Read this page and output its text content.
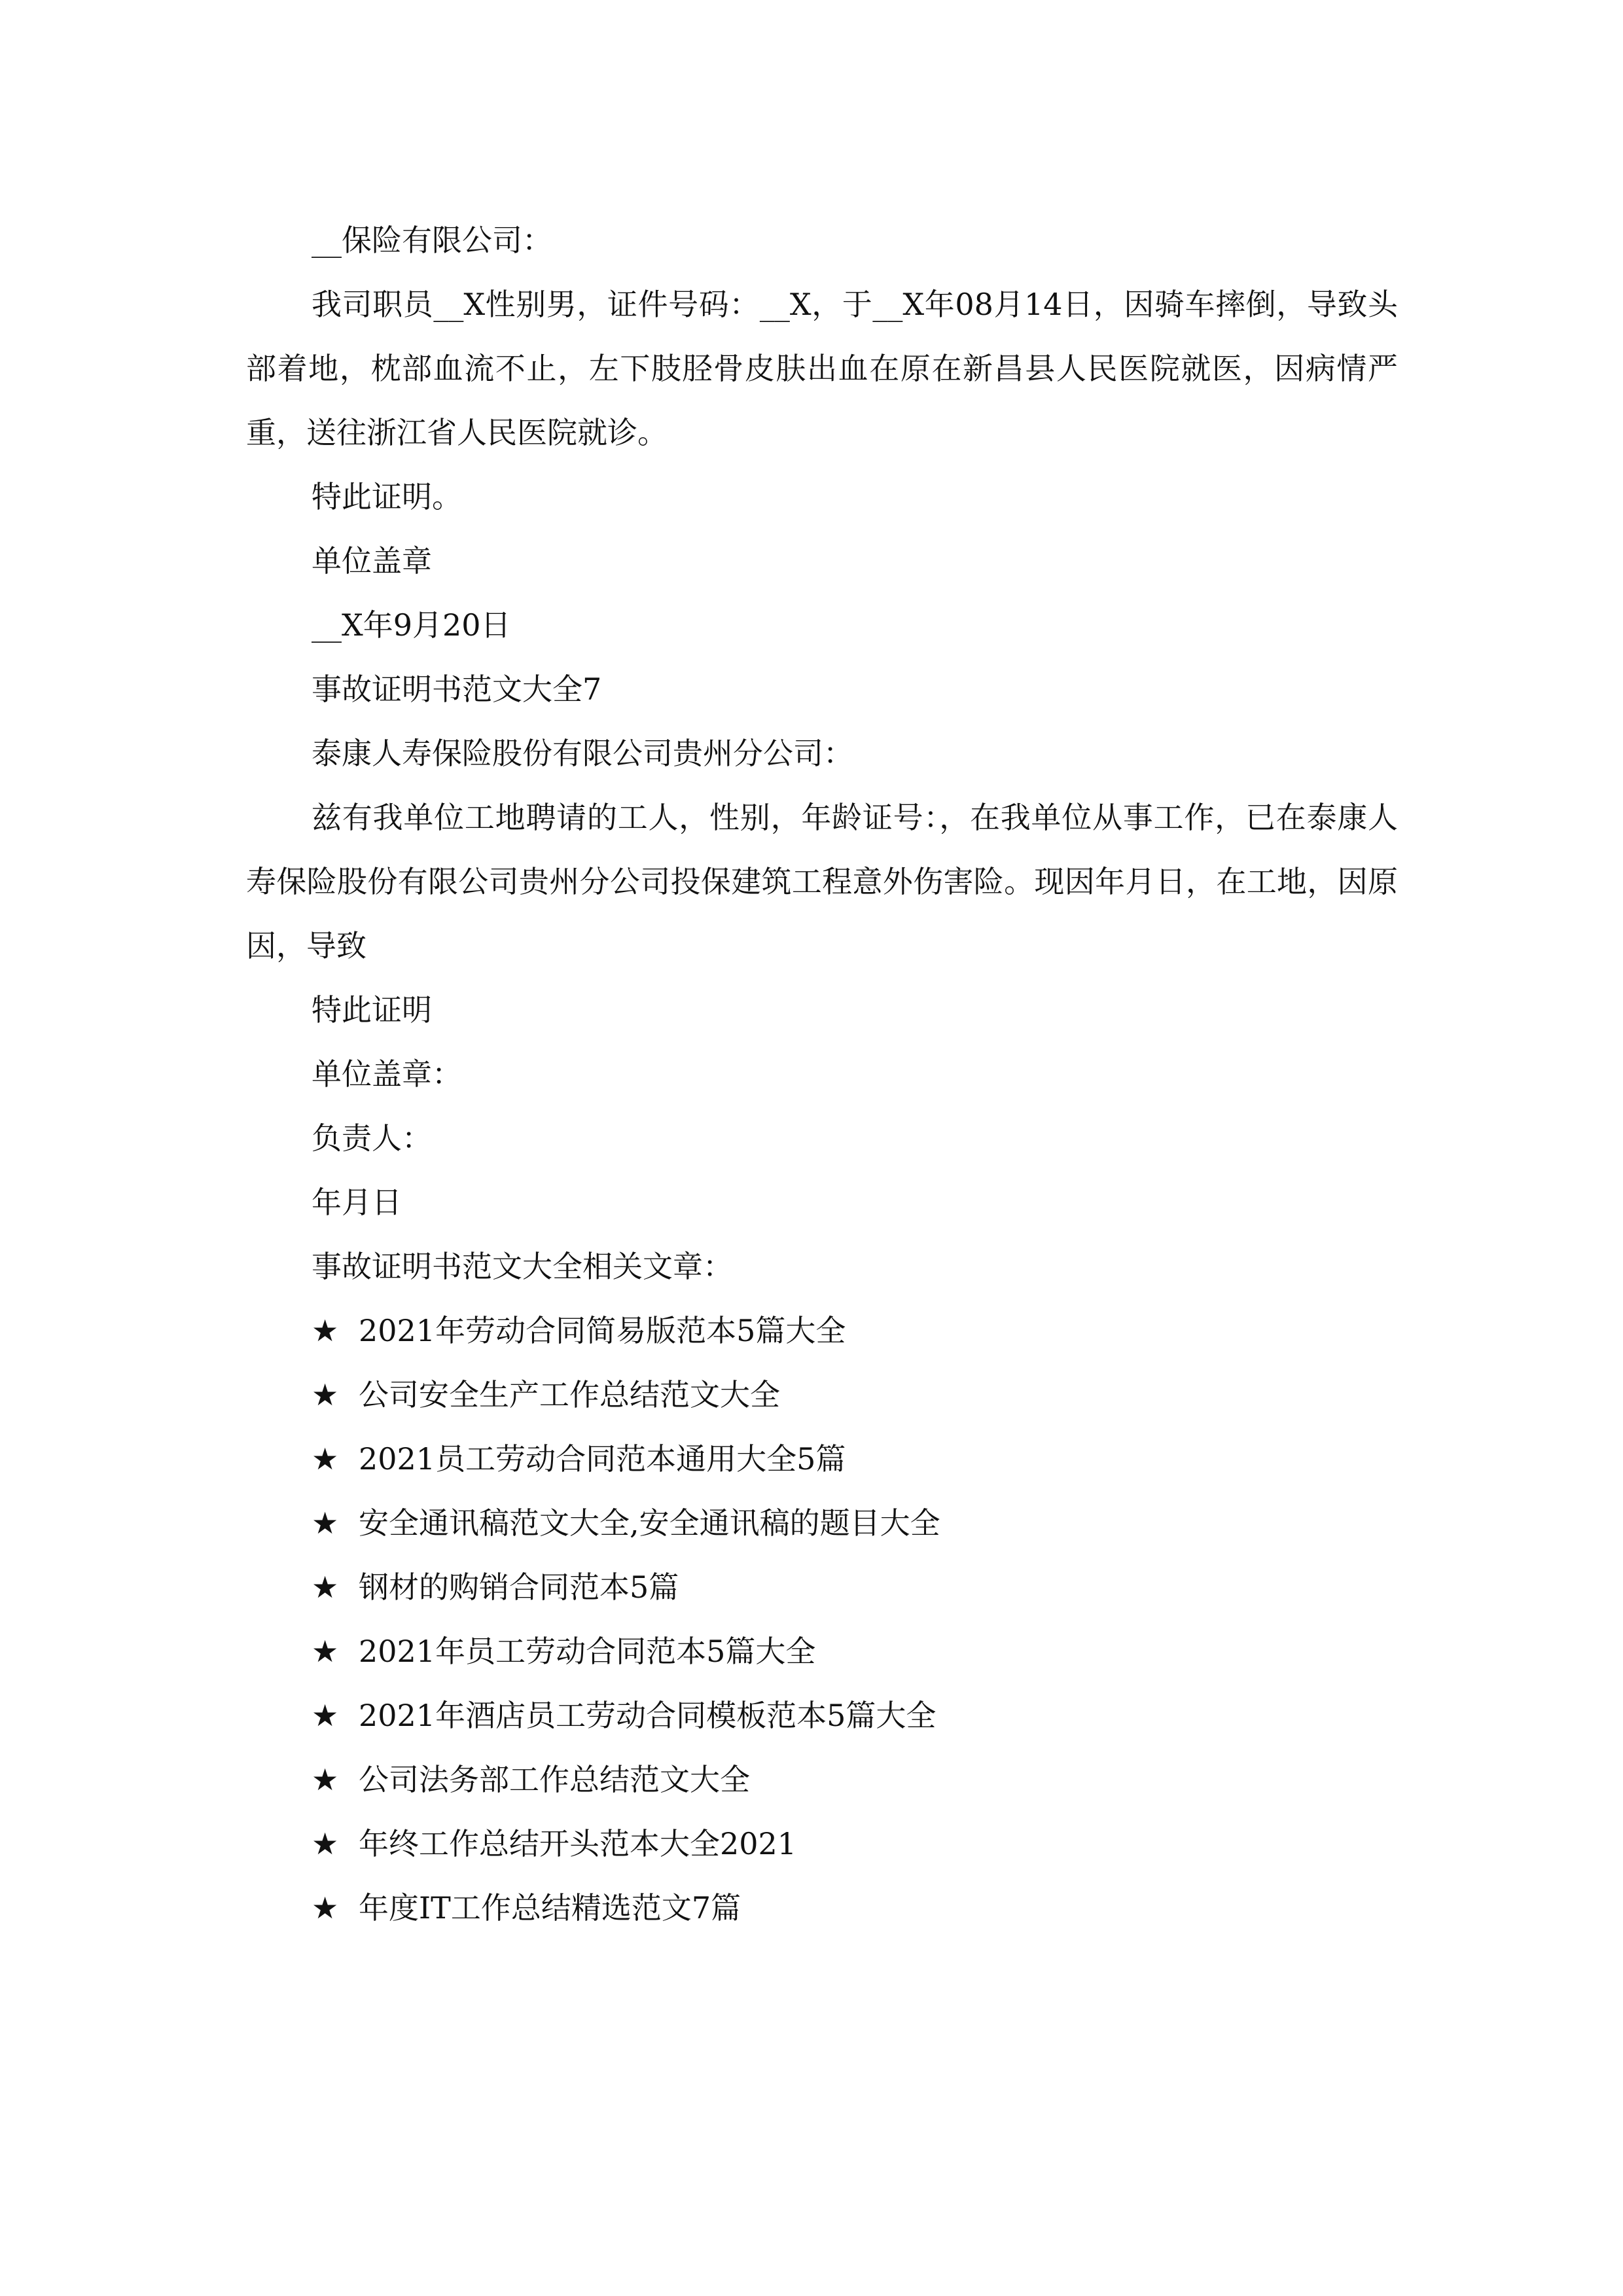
__保险有限公司：

我司职员__X性别男，证件号码：__X，于__X年08月14日，因骑车摔倒，导致头部着地，枕部血流不止，左下肢胫骨皮肤出血在原在新昌县人民医院就医，因病情严重，送往浙江省人民医院就诊。

特此证明。

单位盖章

__X年9月20日

事故证明书范文大全7

泰康人寿保险股份有限公司贵州分公司：

兹有我单位工地聘请的工人，性别，年龄证号：，在我单位从事工作，已在泰康人寿保险股份有限公司贵州分公司投保建筑工程意外伤害险。现因年月日，在工地，因原因，导致

特此证明

单位盖章：

负责人：

年月日

事故证明书范文大全相关文章：

★ 2021年劳动合同简易版范本5篇大全

★ 公司安全生产工作总结范文大全

★ 2021员工劳动合同范本通用大全5篇

★ 安全通讯稿范文大全,安全通讯稿的题目大全

★ 钢材的购销合同范本5篇

★ 2021年员工劳动合同范本5篇大全

★ 2021年酒店员工劳动合同模板范本5篇大全

★ 公司法务部工作总结范文大全

★ 年终工作总结开头范本大全2021

★ 年度IT工作总结精选范文7篇
